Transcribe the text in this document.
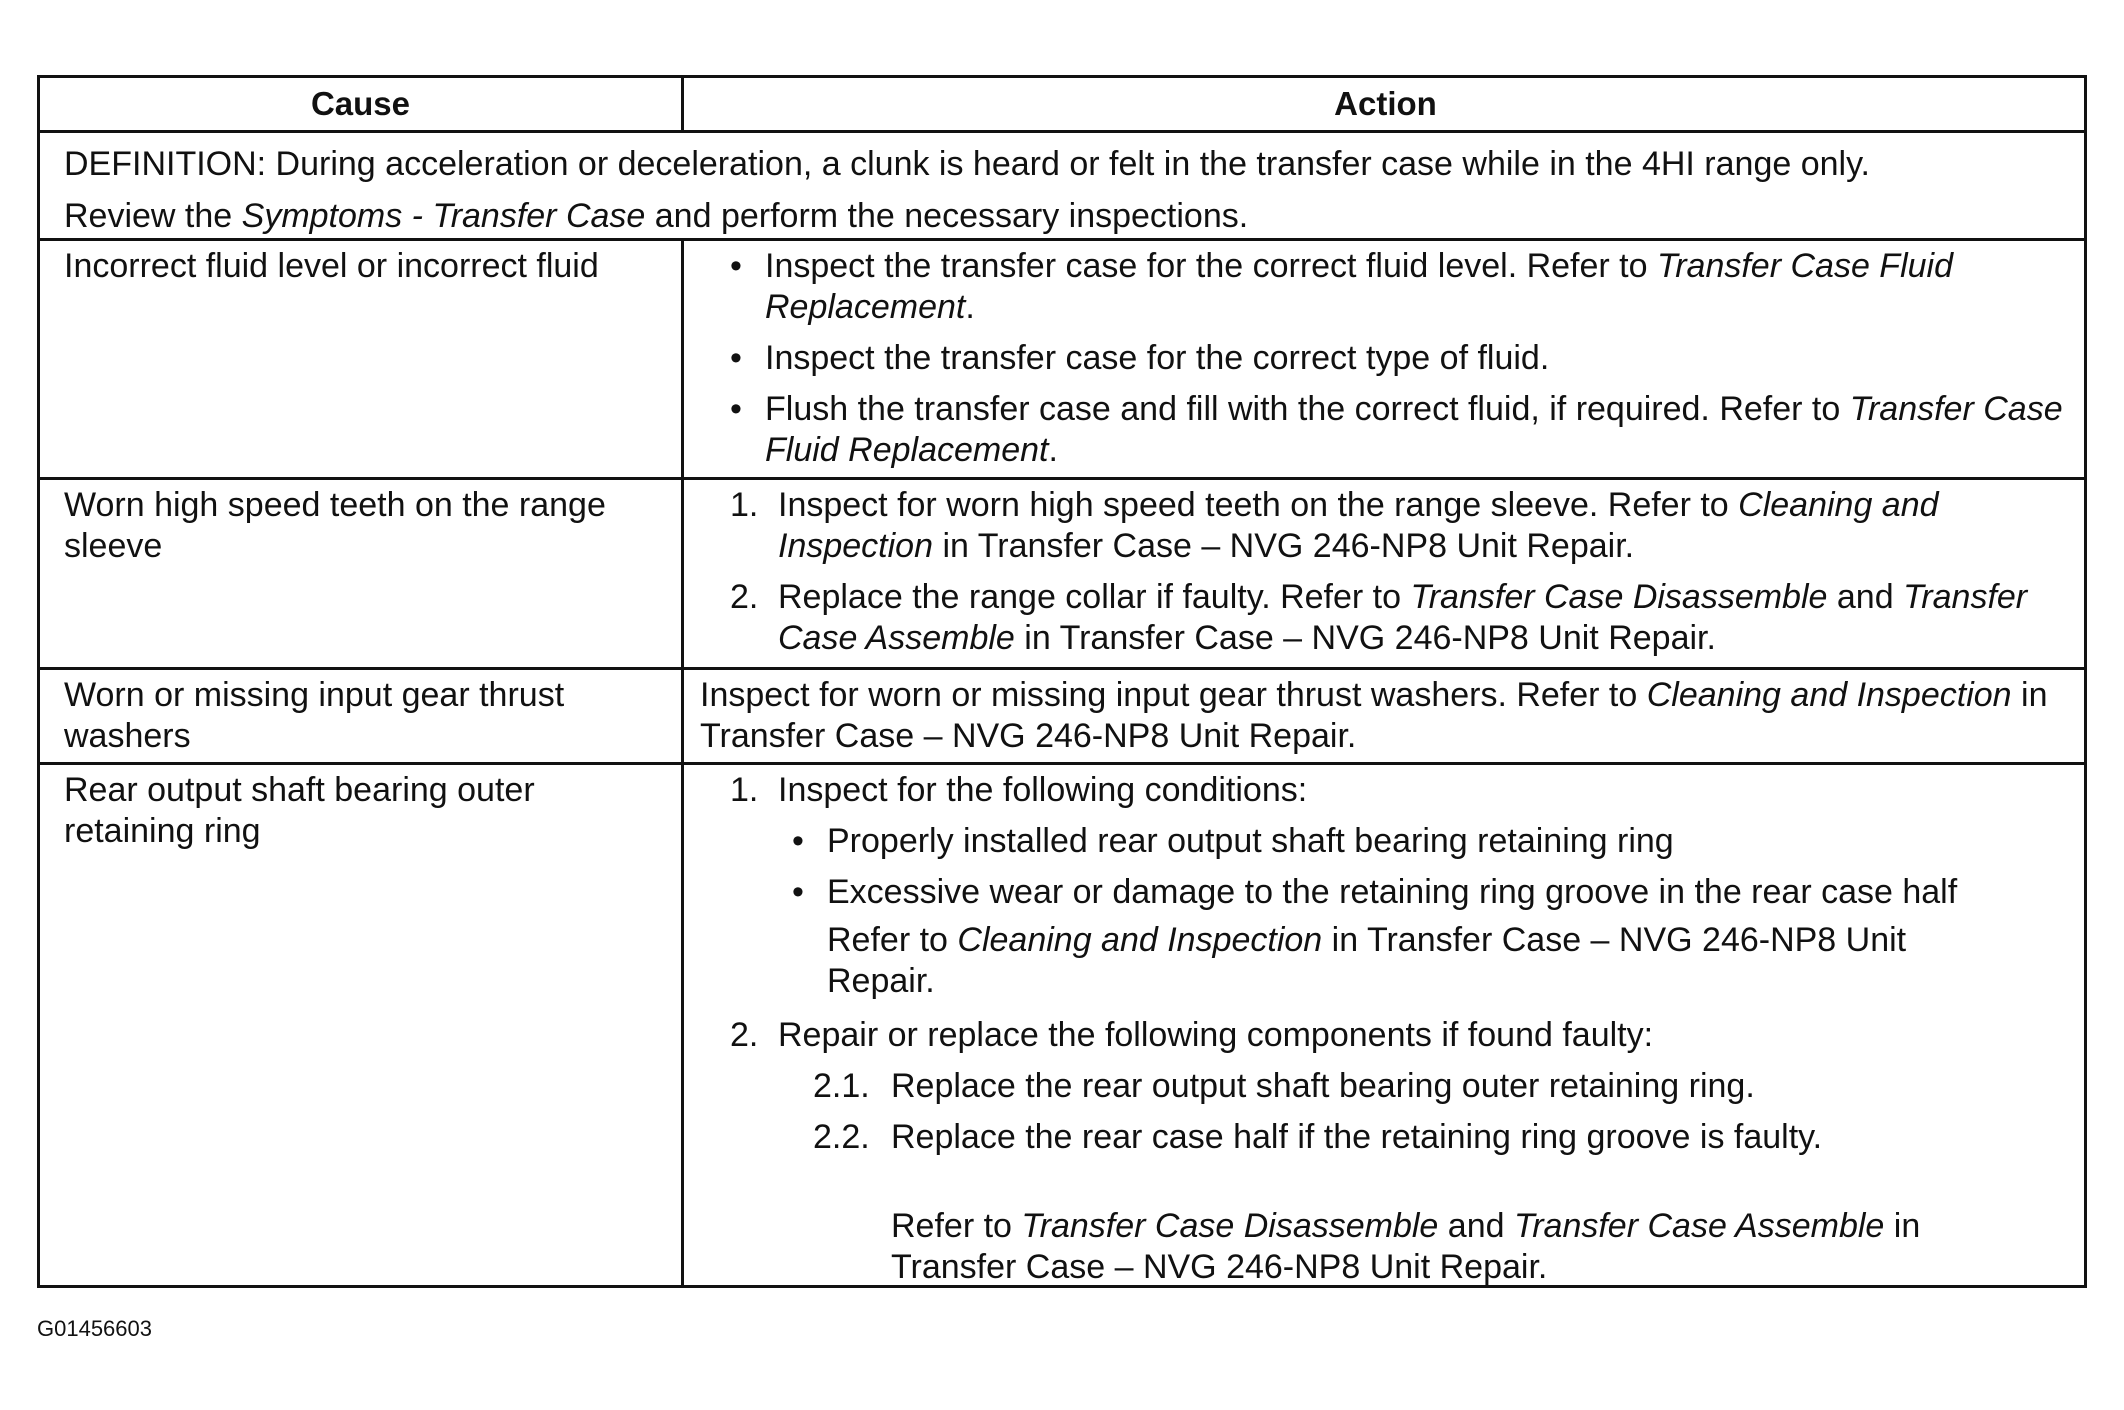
Cause	Action
DEFINITION: During acceleration or deceleration, a clunk is heard or felt in the transfer case while in the 4HI range only.
Review the Symptoms - Transfer Case and perform the necessary inspections.
Incorrect fluid level or incorrect fluid	• Inspect the transfer case for the correct fluid level. Refer to Transfer Case Fluid Replacement.
• Inspect the transfer case for the correct type of fluid.
• Flush the transfer case and fill with the correct fluid, if required. Refer to Transfer Case Fluid Replacement.
Worn high speed teeth on the range sleeve
1. Inspect for worn high speed teeth on the range sleeve. Refer to Cleaning and Inspection in Transfer Case – NVG 246-NP8 Unit Repair.
2. Replace the range collar if faulty. Refer to Transfer Case Disassemble and Transfer Case Assemble in Transfer Case – NVG 246-NP8 Unit Repair.
Worn or missing input gear thrust washers
Inspect for worn or missing input gear thrust washers. Refer to Cleaning and Inspection in Transfer Case – NVG 246-NP8 Unit Repair.
Rear output shaft bearing outer retaining ring
1. Inspect for the following conditions:
• Properly installed rear output shaft bearing retaining ring
• Excessive wear or damage to the retaining ring groove in the rear case half
Refer to Cleaning and Inspection in Transfer Case – NVG 246-NP8 Unit Repair.
2. Repair or replace the following components if found faulty:
2.1. Replace the rear output shaft bearing outer retaining ring.
2.2. Replace the rear case half if the retaining ring groove is faulty.
Refer to Transfer Case Disassemble and Transfer Case Assemble in Transfer Case – NVG 246-NP8 Unit Repair.
G01456603
